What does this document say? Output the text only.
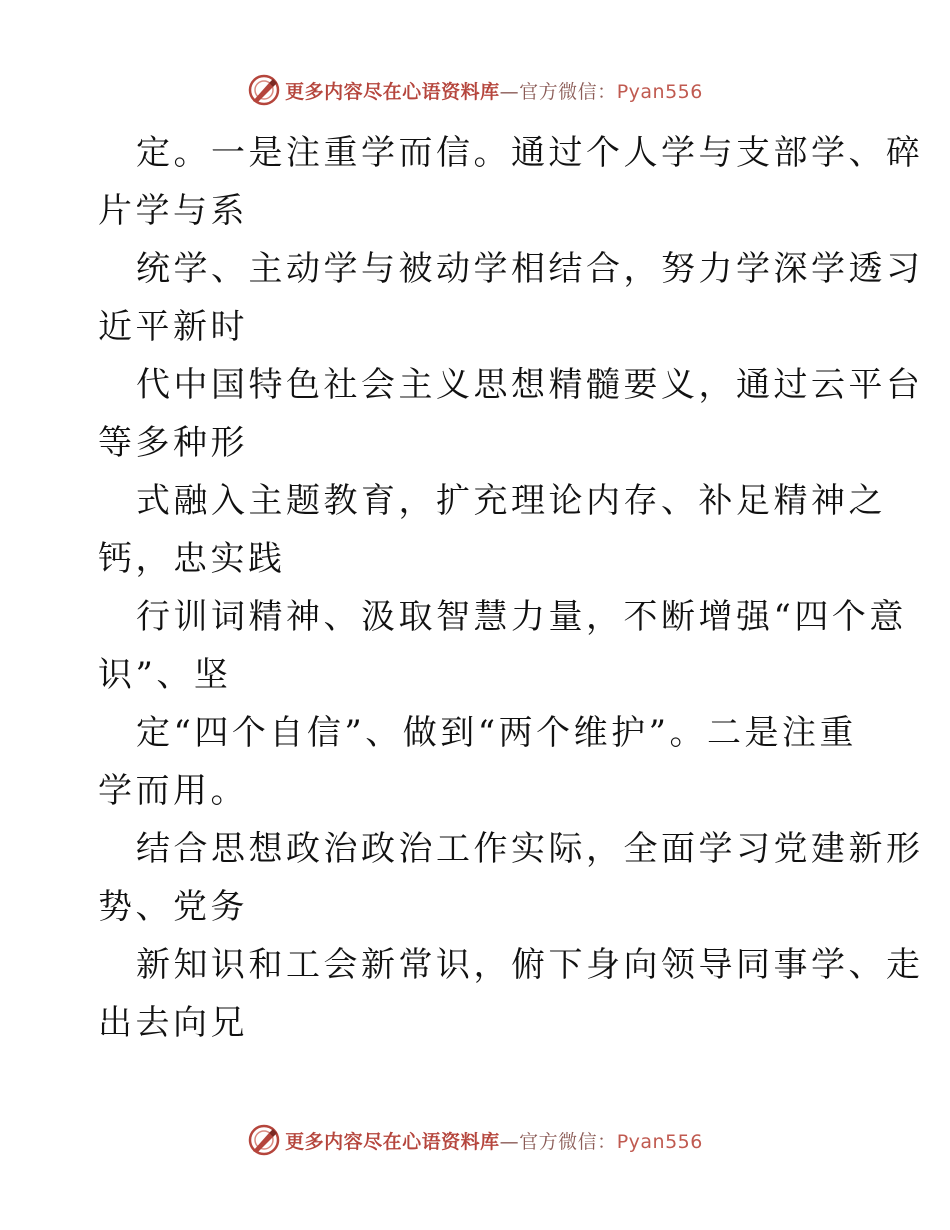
更多内容尽在心语资料库—官方微信：Pyan556
定。一是注重学而信。通过个人学与支部学、碎
片学与系
统学、主动学与被动学相结合，努力学深学透习
近平新时
代中国特色社会主义思想精髓要义，通过云平台
等多种形
式融入主题教育，扩充理论内存、补足精神之
钙，忠实践
行训词精神、汲取智慧力量，不断增强“四个意
识”、坚
定“四个自信”、做到“两个维护”。二是注重
学而用。
结合思想政治政治工作实际，全面学习党建新形
势、党务
新知识和工会新常识，俯下身向领导同事学、走
出去向兄
更多内容尽在心语资料库—官方微信：Pyan556
